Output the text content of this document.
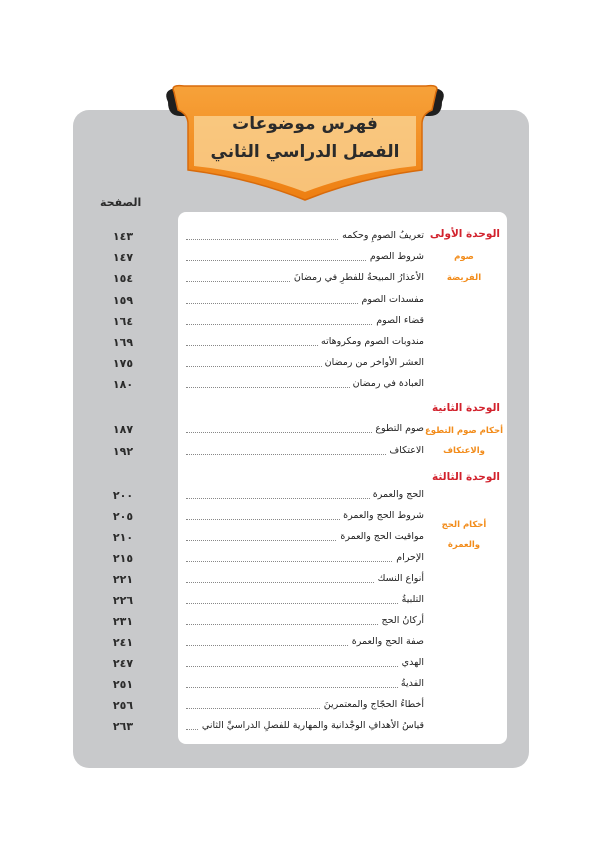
فهرس موضوعات
الفصل الدراسي الثاني
الصفحة
الوحدة الأولى
صوم
الفريضة
الوحدة الثانية
أحكام صوم التطوع
والاعتكاف
الوحدة الثالثة
أحكام الحج
والعمرة
تعريفُ الصومِ وحكمه
١٤٣
شروط الصوم
١٤٧
الأعذارُ المبيحةُ للفطرِ في رمضانَ
١٥٤
مفسدات الصوم
١٥٩
قضاء الصوم
١٦٤
مندوبات الصوم ومكروهاته
١٦٩
العشر الأواخر من رمضان
١٧٥
العبادة في رمضان
١٨٠
صوم التطوع
١٨٧
الاعتكاف
١٩٢
الحج والعمرة
٢٠٠
شروط الحج والعمرة
٢٠٥
مواقيت الحج والعمرة
٢١٠
الإحرام
٢١٥
أنواع النسك
٢٢١
التلبيةُ
٢٢٦
أركانُ الحج
٢٣١
صفة الحج والعمرة
٢٤١
الهدي
٢٤٧
الفديةُ
٢٥١
أخطاءُ الحجّاج والمعتمرينَ
٢٥٦
قياسُ الأهدافِ الوجْدانية والمهارية للفصلِ الدراسيِّ الثاني
٢٦٣
